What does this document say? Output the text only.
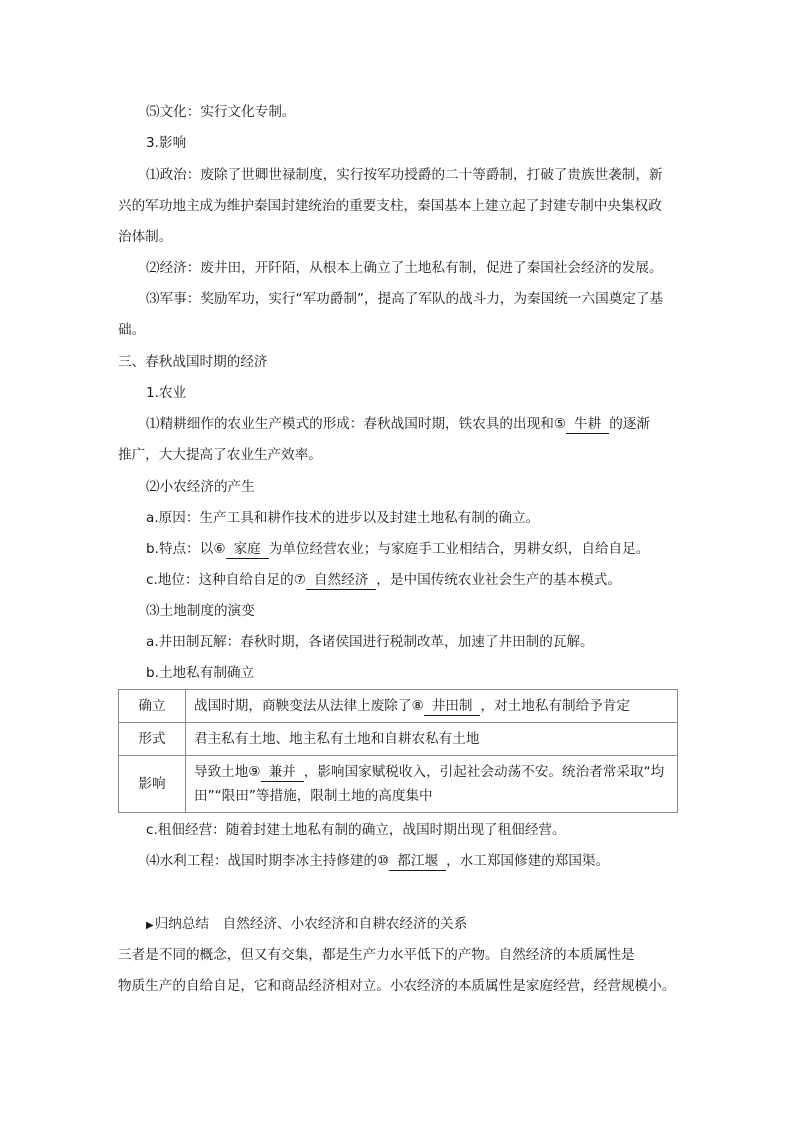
⑸文化：实行文化专制。
3.影响
⑴政治：废除了世卿世禄制度，实行按军功授爵的二十等爵制，打破了贵族世袭制，新
兴的军功地主成为维护秦国封建统治的重要支柱，秦国基本上建立起了封建专制中央集权政
治体制。
⑵经济：废井田，开阡陌，从根本上确立了土地私有制，促进了秦国社会经济的发展。
⑶军事：奖励军功，实行“军功爵制”，提高了军队的战斗力，为秦国统一六国奠定了基
础。
三、春秋战国时期的经济
1.农业
⑴精耕细作的农业生产模式的形成：春秋战国时期，铁农具的出现和⑤ 牛耕 的逐渐
推广，大大提高了农业生产效率。
⑵小农经济的产生
a.原因：生产工具和耕作技术的进步以及封建土地私有制的确立。
b.特点：以⑥ 家庭 为单位经营农业；与家庭手工业相结合，男耕女织，自给自足。
c.地位：这种自给自足的⑦ 自然经济 ，是中国传统农业社会生产的基本模式。
⑶土地制度的演变
a.井田制瓦解：春秋时期，各诸侯国进行税制改革，加速了井田制的瓦解。
b.土地私有制确立
确立	战国时期，商鞅变法从法律上废除了⑧ 井田制 ，对土地私有制给予肯定
形式	君主私有土地、地主私有土地和自耕农私有土地
影响	导致土地⑨ 兼并 ，影响国家赋税收入，引起社会动荡不安。统治者常采取“均
田”“限田”等措施，限制土地的高度集中
c.租佃经营：随着封建土地私有制的确立，战国时期出现了租佃经营。
⑷水利工程：战国时期李冰主持修建的⑩ 都江堰 ，水工郑国修建的郑国渠。
▶归纳总结　自然经济、小农经济和自耕农经济的关系
三者是不同的概念，但又有交集，都是生产力水平低下的产物。自然经济的本质属性是
物质生产的自给自足，它和商品经济相对立。小农经济的本质属性是家庭经营，经营规模小。
